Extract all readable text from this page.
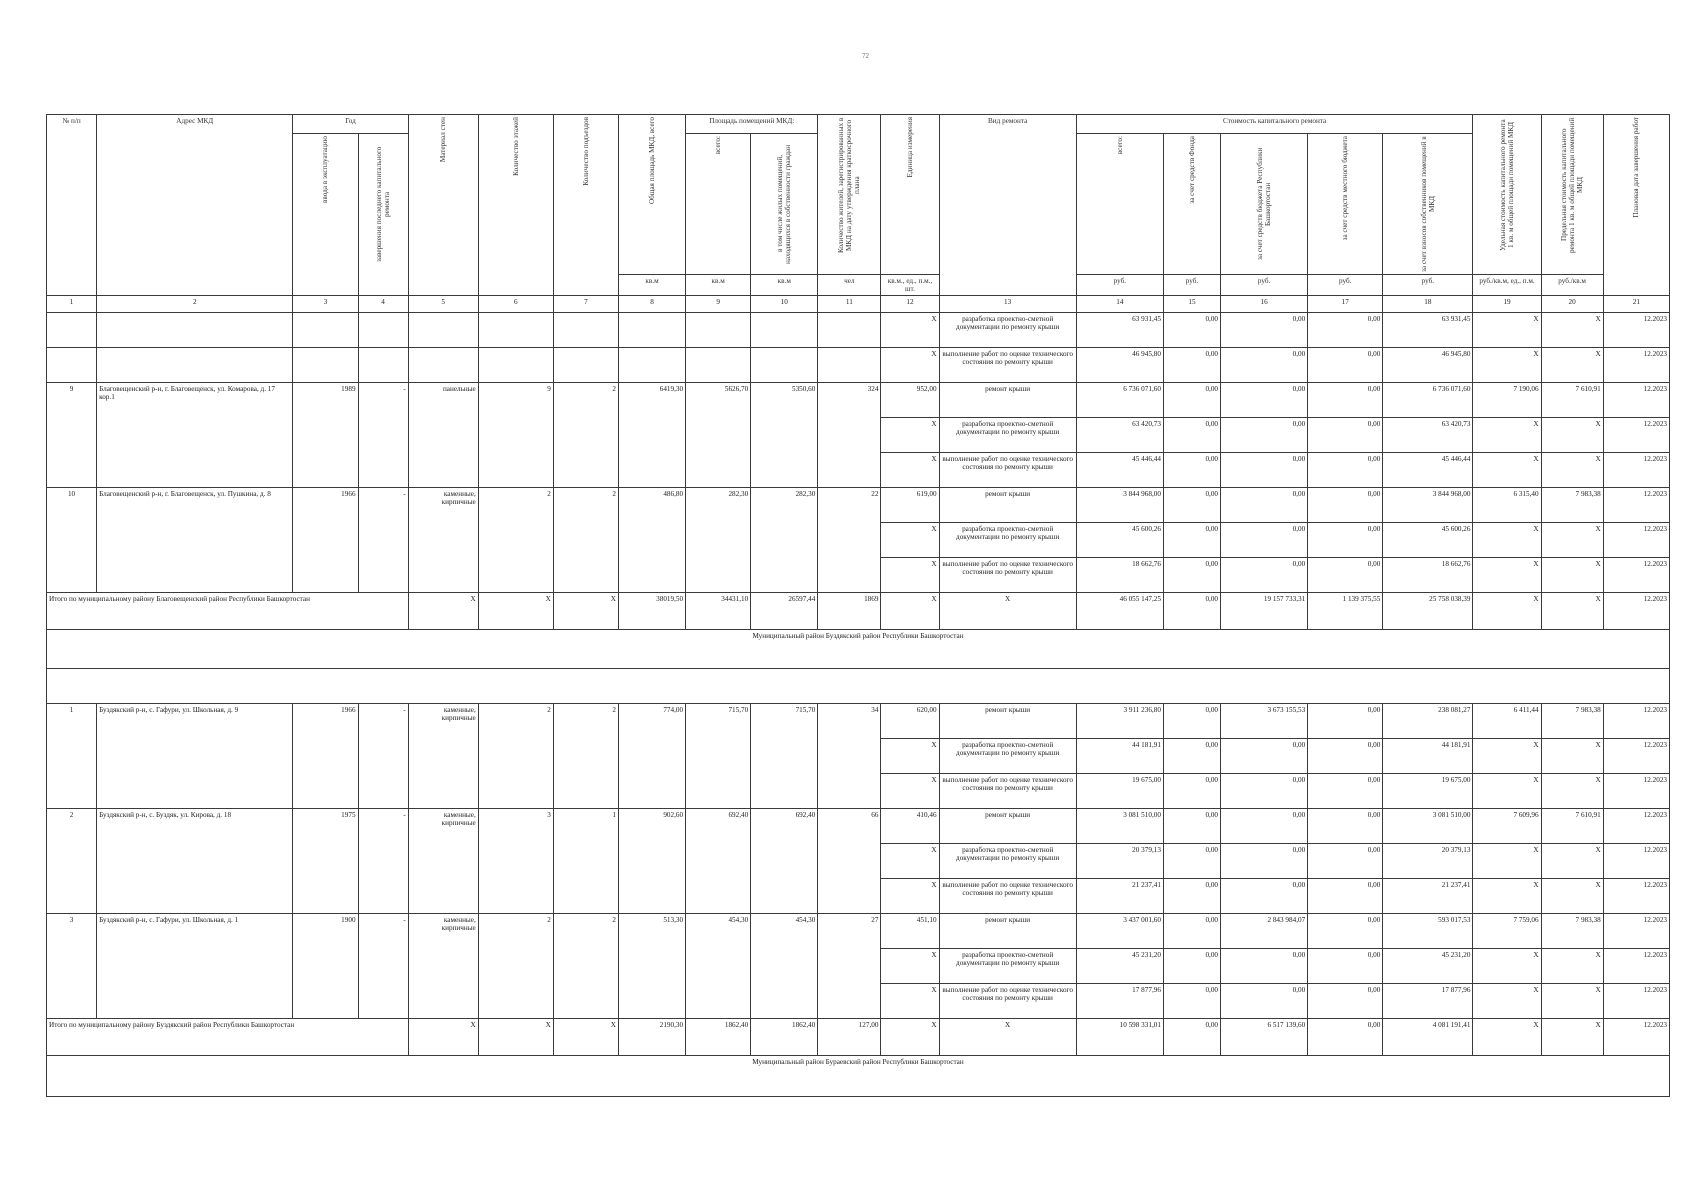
72
№ п/п	Адрес МКД	Год		Материал стен	Количество этажей	Количество подъездов	Общая площадь МКД, всего	Площадь помещений МКД:		Количество жителей, зарегистрированных в МКД на дату утверждения краткосрочного плана	Единица измерения	Вид ремонта	Стоимость капитального ремонта					Удельная стоимость капитального ремонта 1 кв. м общей площади помещений МКД	Предельная стоимость капитального ремонта 1 кв. м общей площади помещений МКД	Плановая дата завершения работ

		ввода в эксплуатацию	завершения последнего капитального ремонта					всего:	в том числе жилых помещений, находящихся в собственности граждан				всего:	за счет средств Фонда	за счет средств бюджета Республики Башкортостан	за счет средств местного бюджета	за счет взносов собственников помещений в МКД			

							кв.м	кв.м	кв.м	чел	кв.м., ед., п.м., шт.		руб.	руб.	руб.	руб.	руб.	руб./кв.м, ед., п.м.	руб./кв.м	
1	2	3	4	5	6	7	8	9	10	11	12	13	14	15	16	17	18	19	20	21
											X	разработка проектно-сметной документации по ремонту крыши	63 931,45	0,00	0,00	0,00	63 931,45	X	X	12.2023
											X	выполнение работ по оценке технического состояния по ремонту крыши	46 945,80	0,00	0,00	0,00	46 945,80	X	X	12.2023
9	Благовещенский р-н, г. Благовещенск, ул. Комарова, д. 17 кор.1	1989	-	панельные	9	2	6419,30	5626,70	5350,60	324	952,00	ремонт крыши	6 736 071,60	0,00	0,00	0,00	6 736 071,60	7 190,06	7 610,91	12.2023
											X	разработка проектно-сметной документации по ремонту крыши	63 420,73	0,00	0,00	0,00	63 420,73	X	X	12.2023
											X	выполнение работ по оценке технического состояния по ремонту крыши	45 446,44	0,00	0,00	0,00	45 446,44	X	X	12.2023
10	Благовещенский р-н, г. Благовещенск, ул. Пушкина, д. 8	1966	-	каменные, кирпичные	2	2	486,80	282,30	282,30	22	619,00	ремонт крыши	3 844 968,00	0,00	0,00	0,00	3 844 968,00	6 315,40	7 983,38	12.2023
											X	разработка проектно-сметной документации по ремонту крыши	45 600,26	0,00	0,00	0,00	45 600,26	X	X	12.2023
											X	выполнение работ по оценке технического состояния по ремонту крыши	18 662,76	0,00	0,00	0,00	18 662,76	X	X	12.2023
Итого по муниципальному району Благовещенский район Республики Башкортостан				X	X	X	38019,50	34431,10	26597,44	1869	X	X	46 055 147,25	0,00	19 157 733,31	1 139 375,55	25 758 038,39	X	X	12.2023
Муниципальный район Буздякский район Республики Башкортостан																				

1	Буздякский р-н, с. Гафури, ул. Школьная, д. 9	1966	-	каменные, кирпичные	2	2	774,00	715,70	715,70	34	620,00	ремонт крыши	3 911 236,80	0,00	3 673 155,53	0,00	238 081,27	6 411,44	7 983,38	12.2023
											X	разработка проектно-сметной документации по ремонту крыши	44 181,91	0,00	0,00	0,00	44 181,91	X	X	12.2023
											X	выполнение работ по оценке технического состояния по ремонту крыши	19 675,00	0,00	0,00	0,00	19 675,00	X	X	12.2023
2	Буздякский р-н, с. Буздяк, ул. Кирова, д. 18	1975	-	каменные, кирпичные	3	1	902,60	692,40	692,40	66	410,46	ремонт крыши	3 081 510,00	0,00	0,00	0,00	3 081 510,00	7 609,96	7 610,91	12.2023
											X	разработка проектно-сметной документации по ремонту крыши	20 379,13	0,00	0,00	0,00	20 379,13	X	X	12.2023
											X	выполнение работ по оценке технического состояния по ремонту крыши	21 237,41	0,00	0,00	0,00	21 237,41	X	X	12.2023
3	Буздякский р-н, с. Гафури, ул. Школьная, д. 1	1900	-	каменные, кирпичные	2	2	513,30	454,30	454,30	27	451,10	ремонт крыши	3 437 001,60	0,00	2 843 984,07	0,00	593 017,53	7 759,06	7 983,38	12.2023
											X	разработка проектно-сметной документации по ремонту крыши	45 231,20	0,00	0,00	0,00	45 231,20	X	X	12.2023
											X	выполнение работ по оценке технического состояния по ремонту крыши	17 877,96	0,00	0,00	0,00	17 877,96	X	X	12.2023
Итого по муниципальному району Буздякский район Республики Башкортостан				X	X	X	2190,30	1862,40	1862,40	127,00	X	X	10 598 331,01	0,00	6 517 139,60	0,00	4 081 191,41	X	X	12.2023
Муниципальный район Бураевский район Республики Башкортостан																				
